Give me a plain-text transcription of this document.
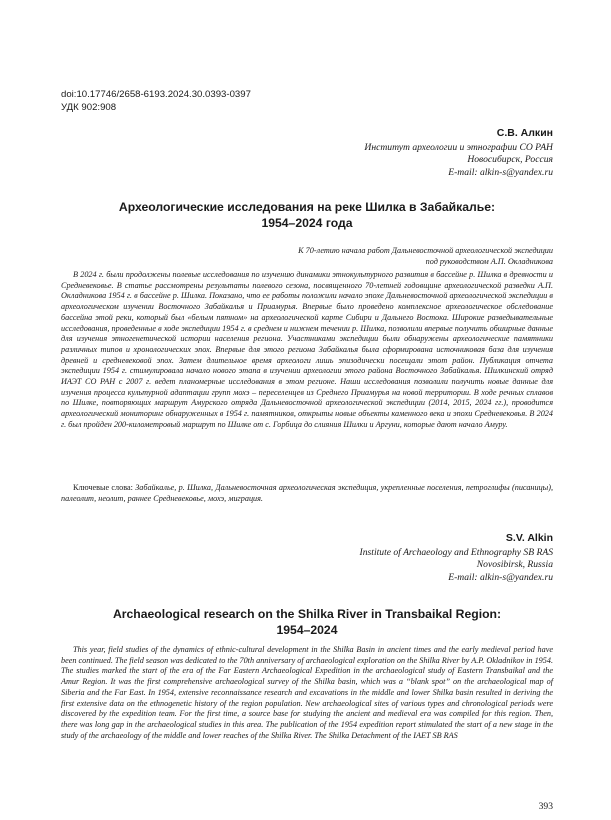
doi:10.17746/2658-6193.2024.30.0393-0397
УДК 902:908
С.В. Алкин
Институт археологии и этнографии СО РАН
Новосибирск, Россия
E-mail: alkin-s@yandex.ru
Археологические исследования на реке Шилка в Забайкалье:
1954–2024 года
К 70-летию начала работ Дальневосточной археологической экспедиции
под руководством А.П. Окладникова

В 2024 г. были продолжены полевые исследования по изучению динамики этнокультурного развития в бассейне р. Шилка в древности и Средневековье. В статье рассмотрены результаты полевого сезона, посвященного 70-летней годовщине археологической разведки А.П. Окладникова 1954 г. в бассейне р. Шилка. Показано, что ее работы положили начало эпохе Дальневосточной археологической экспедиции в археологическом изучении Восточного Забайкалья и Приамурья. Впервые было проведено комплексное археологическое обследование бассейна этой реки, который был «белым пятном» на археологической карте Сибири и Дальнего Востока. Широкие разведывательные исследования, проведенные в ходе экспедиции 1954 г. в среднем и нижнем течении р. Шилка, позволили впервые получить обширные данные для изучения этногенетической истории населения региона. Участниками экспедиции были обнаружены археологические памятники различных типов и хронологических эпох. Впервые для этого региона Забайкалья была сформирована источниковая база для изучения древней и средневековой эпох. Затем длительное время археологи лишь эпизодически посещали этот район. Публикация отчета экспедиции 1954 г. стимулировала начало нового этапа в изучении археологии этого района Восточного Забайкалья. Шилкинский отряд ИАЭТ СО РАН с 2007 г. ведет планомерные исследования в этом регионе. Наши исследования позволили получить новые данные для изучения процесса культурной адаптации групп мохэ – переселенцев из Среднего Приамурья на новой территории. В ходе речных сплавов по Шилке, повторяющих маршрут Амурского отряда Дальневосточной археологической экспедиции (2014, 2015, 2024 гг.), проводится археологический мониторинг обнаруженных в 1954 г. памятников, открыты новые объекты каменного века и эпохи Средневековья. В 2024 г. был пройден 200-километровый маршрут по Шилке от с. Горбица до слияния Шилки и Аргуни, которые дают начало Амуру.

Ключевые слова: Забайкалье, р. Шилка, Дальневосточная археологическая экспедиция, укрепленные поселения, петроглифы (писаницы), палеолит, неолит, раннее Средневековье, мохэ, миграция.

S.V. Alkin
Institute of Archaeology and Ethnography SB RAS
Novosibirsk, Russia
E-mail: alkin-s@yandex.ru
Archaeological research on the Shilka River in Transbaikal Region:
1954–2024

This year, field studies of the dynamics of ethnic-cultural development in the Shilka Basin in ancient times and the early medieval period have been continued. The field season was dedicated to the 70th anniversary of archaeological exploration on the Shilka River by A.P. Okladnikov in 1954. The studies marked the start of the era of the Far Eastern Archaeological Expedition in the archaeological study of Eastern Transbaikal and the Amur Region. It was the first comprehensive archaeological survey of the Shilka basin, which was a “blank spot” on the archaeological map of Siberia and the Far East. In 1954, extensive reconnaissance research and excavations in the middle and lower Shilka basin resulted in deriving the first extensive data on the ethnogenetic history of the region population. New archaeological sites of various types and chronological periods were discovered by the expedition team. For the first time, a source base for studying the ancient and medieval era was compiled for this region. Then, there was long gap in the archaeological studies in this area. The publication of the 1954 expedition report stimulated the start of a new stage in the study of the archaeology of the middle and lower reaches of the Shilka River. The Shilka Detachment of the IAET SB RAS

393
